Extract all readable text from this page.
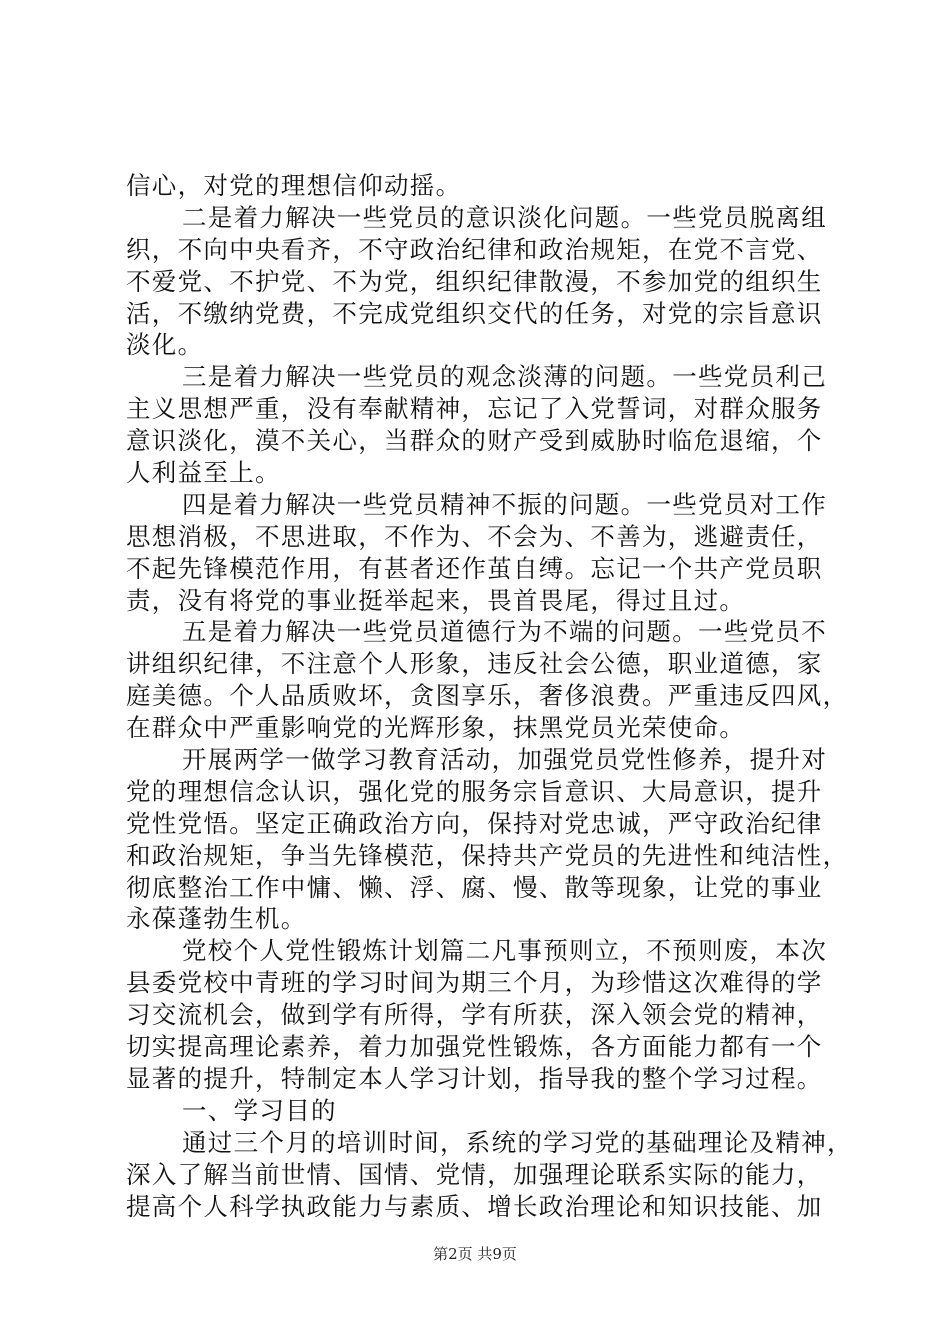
信心，对党的理想信仰动摇。
二是着力解决一些党员的意识淡化问题。一些党员脱离组
织，不向中央看齐，不守政治纪律和政治规矩，在党不言党、
不爱党、不护党、不为党，组织纪律散漫，不参加党的组织生
活，不缴纳党费，不完成党组织交代的任务，对党的宗旨意识
淡化。
三是着力解决一些党员的观念淡薄的问题。一些党员利己
主义思想严重，没有奉献精神，忘记了入党誓词，对群众服务
意识淡化，漠不关心，当群众的财产受到威胁时临危退缩，个
人利益至上。
四是着力解决一些党员精神不振的问题。一些党员对工作
思想消极，不思进取，不作为、不会为、不善为，逃避责任，
不起先锋模范作用，有甚者还作茧自缚。忘记一个共产党员职
责，没有将党的事业挺举起来，畏首畏尾，得过且过。
五是着力解决一些党员道德行为不端的问题。一些党员不
讲组织纪律，不注意个人形象，违反社会公德，职业道德，家
庭美德。个人品质败坏，贪图享乐，奢侈浪费。严重违反四风，
在群众中严重影响党的光辉形象，抹黑党员光荣使命。
开展两学一做学习教育活动，加强党员党性修养，提升对
党的理想信念认识，强化党的服务宗旨意识、大局意识，提升
党性党悟。坚定正确政治方向，保持对党忠诚，严守政治纪律
和政治规矩，争当先锋模范，保持共产党员的先进性和纯洁性，
彻底整治工作中慵、懒、浮、腐、慢、散等现象，让党的事业
永葆蓬勃生机。
党校个人党性锻炼计划篇二凡事预则立，不预则废，本次
县委党校中青班的学习时间为期三个月，为珍惜这次难得的学
习交流机会，做到学有所得，学有所获，深入领会党的精神，
切实提高理论素养，着力加强党性锻炼，各方面能力都有一个
显著的提升，特制定本人学习计划，指导我的整个学习过程。
一、学习目的
通过三个月的培训时间，系统的学习党的基础理论及精神，
深入了解当前世情、国情、党情，加强理论联系实际的能力，
提高个人科学执政能力与素质、增长政治理论和知识技能、加
第2页 共9页
